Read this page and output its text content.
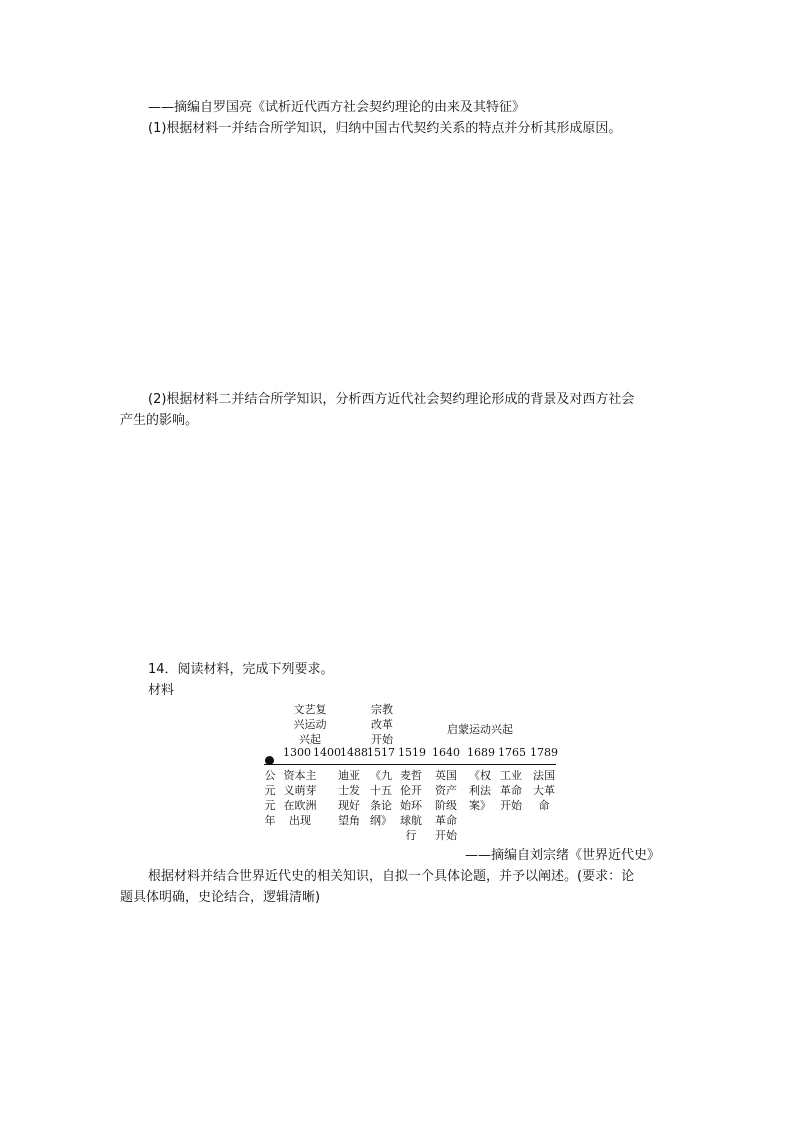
——摘编自罗国亮《试析近代西方社会契约理论的由来及其特征》
(1)根据材料一并结合所学知识，归纳中国古代契约关系的特点并分析其形成原因。
(2)根据材料二并结合所学知识，分析西方近代社会契约理论形成的背景及对西方社会
产生的影响。
14．阅读材料，完成下列要求。
材料
文艺复
兴运动
兴起
宗教
改革
开始
启蒙运动兴起
1300 1400 1488 1517 1519 1640 1689 1765 1789
公
元
元
年
资本主
义萌芽
在欧洲
出现
迪亚
士发
现好
望角
《九
十五
条论
纲》
麦哲
伦开
始环
球航
行
英国
资产
阶级
革命
开始
《权
利法
案》
工业
革命
开始
法国
大革
命
——摘编自刘宗绪《世界近代史》
根据材料并结合世界近代史的相关知识，自拟一个具体论题，并予以阐述。(要求：论
题具体明确，史论结合，逻辑清晰)
